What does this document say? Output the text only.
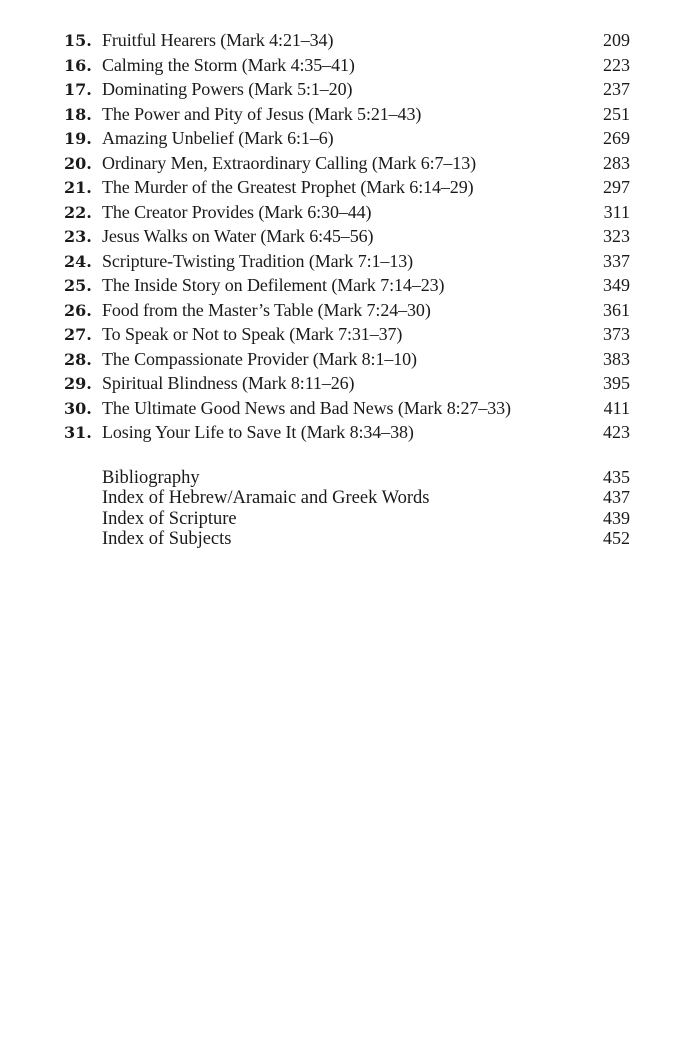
15. Fruitful Hearers (Mark 4:21–34)	209
16. Calming the Storm (Mark 4:35–41)	223
17. Dominating Powers (Mark 5:1–20)	237
18. The Power and Pity of Jesus (Mark 5:21–43)	251
19. Amazing Unbelief (Mark 6:1–6)	269
20. Ordinary Men, Extraordinary Calling (Mark 6:7–13)	283
21. The Murder of the Greatest Prophet (Mark 6:14–29)	297
22. The Creator Provides (Mark 6:30–44)	311
23. Jesus Walks on Water (Mark 6:45–56)	323
24. Scripture-Twisting Tradition (Mark 7:1–13)	337
25. The Inside Story on Defilement (Mark 7:14–23)	349
26. Food from the Master’s Table (Mark 7:24–30)	361
27. To Speak or Not to Speak (Mark 7:31–37)	373
28. The Compassionate Provider (Mark 8:1–10)	383
29. Spiritual Blindness (Mark 8:11–26)	395
30. The Ultimate Good News and Bad News (Mark 8:27–33)	411
31. Losing Your Life to Save It (Mark 8:34–38)	423
Bibliography	435
Index of Hebrew/Aramaic and Greek Words	437
Index of Scripture	439
Index of Subjects	452
